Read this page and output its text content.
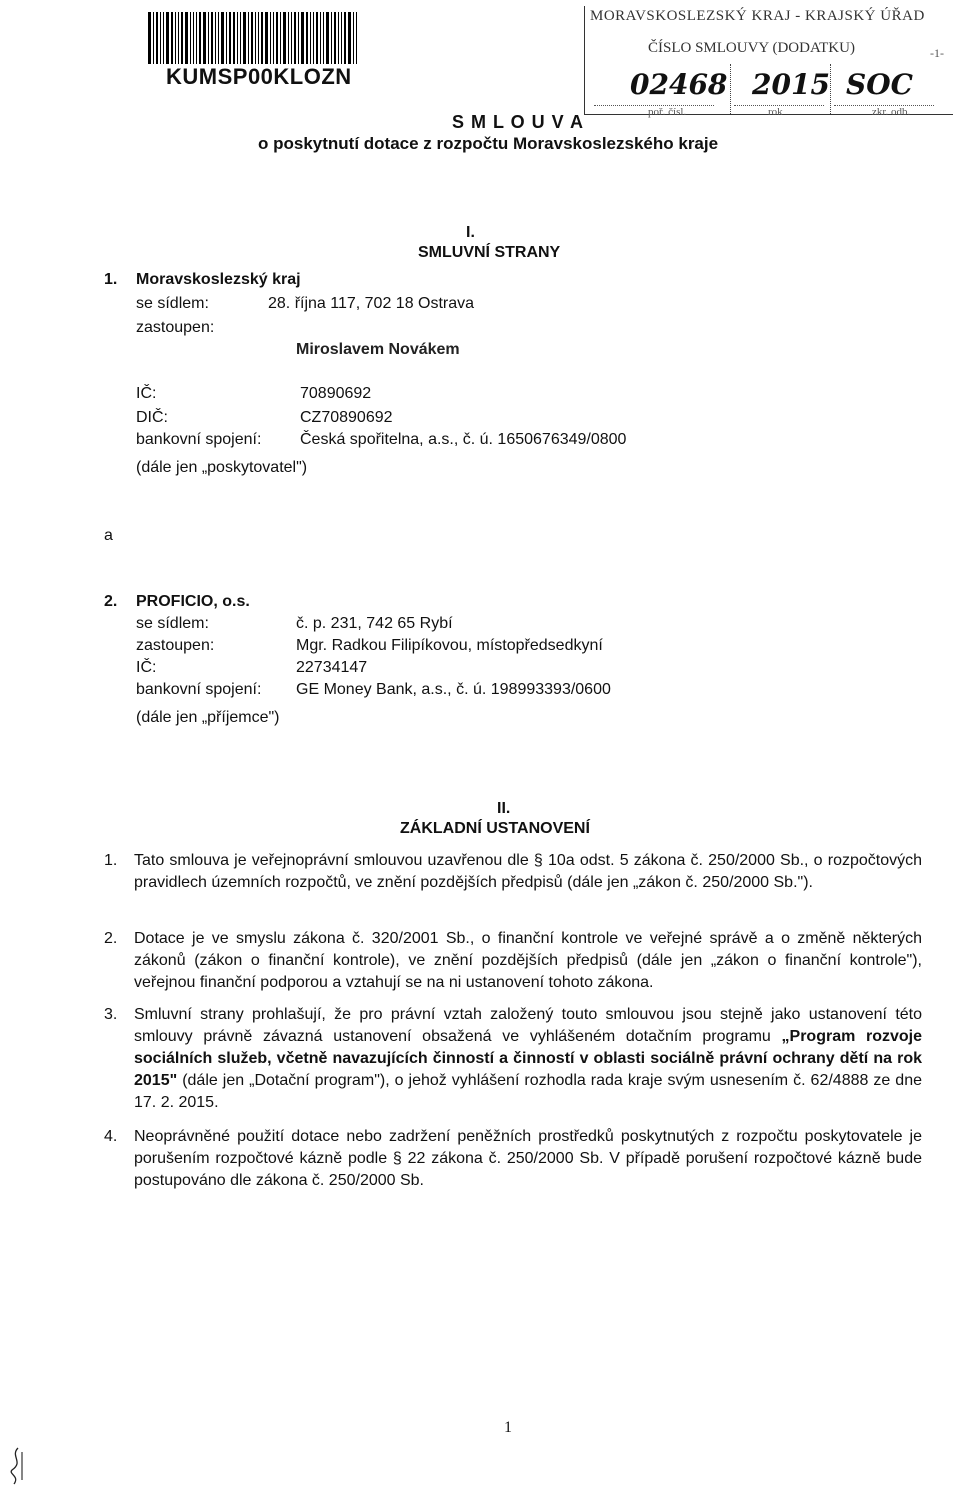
KUMSP00KLOZN
MORAVSKOSLEZSKÝ KRAJ - KRAJSKÝ ÚŘAD
ČÍSLO SMLOUVY (DODATKU)	-1-
02468 2015 SOC
poř. čísl.	rok	zkr. odb.
S M L O U V A
o poskytnutí dotace z rozpočtu Moravskoslezského kraje
I.
SMLUVNÍ STRANY
1. Moravskoslezský kraj
se sídlem:	28. října 117, 702 18 Ostrava
zastoupen:
Miroslavem Novákem
IČ:	70890692
DIČ:	CZ70890692
bankovní spojení: Česká spořitelna, a.s., č. ú. 1650676349/0800
(dále jen „poskytovatel")
a
2. PROFICIO, o.s.
se sídlem:	č. p. 231, 742 65 Rybí
zastoupen:	Mgr. Radkou Filipíkovou, místopředsedkyní
IČ:	22734147
bankovní spojení: GE Money Bank, a.s., č. ú. 198993393/0600
(dále jen „příjemce")
II.
ZÁKLADNÍ USTANOVENÍ
1. Tato smlouva je veřejnoprávní smlouvou uzavřenou dle § 10a odst. 5 zákona č. 250/2000 Sb., o rozpočtových pravidlech územních rozpočtů, ve znění pozdějších předpisů (dále jen „zákon č. 250/2000 Sb.").
2. Dotace je ve smyslu zákona č. 320/2001 Sb., o finanční kontrole ve veřejné správě a o změně některých zákonů (zákon o finanční kontrole), ve znění pozdějších předpisů (dále jen „zákon o finanční kontrole"), veřejnou finanční podporou a vztahují se na ni ustanovení tohoto zákona.
3. Smluvní strany prohlašují, že pro právní vztah založený touto smlouvou jsou stejně jako ustanovení této smlouvy právně závazná ustanovení obsažená ve vyhlášeném dotačním programu „Program rozvoje sociálních služeb, včetně navazujících činností a činností v oblasti sociálně právní ochrany dětí na rok 2015" (dále jen „Dotační program"), o jehož vyhlášení rozhodla rada kraje svým usnesením č. 62/4888 ze dne 17. 2. 2015.
4. Neoprávněné použití dotace nebo zadržení peněžních prostředků poskytnutých z rozpočtu poskytovatele je porušením rozpočtové kázně podle § 22 zákona č. 250/2000 Sb. V případě porušení rozpočtové kázně bude postupováno dle zákona č. 250/2000 Sb.
1
